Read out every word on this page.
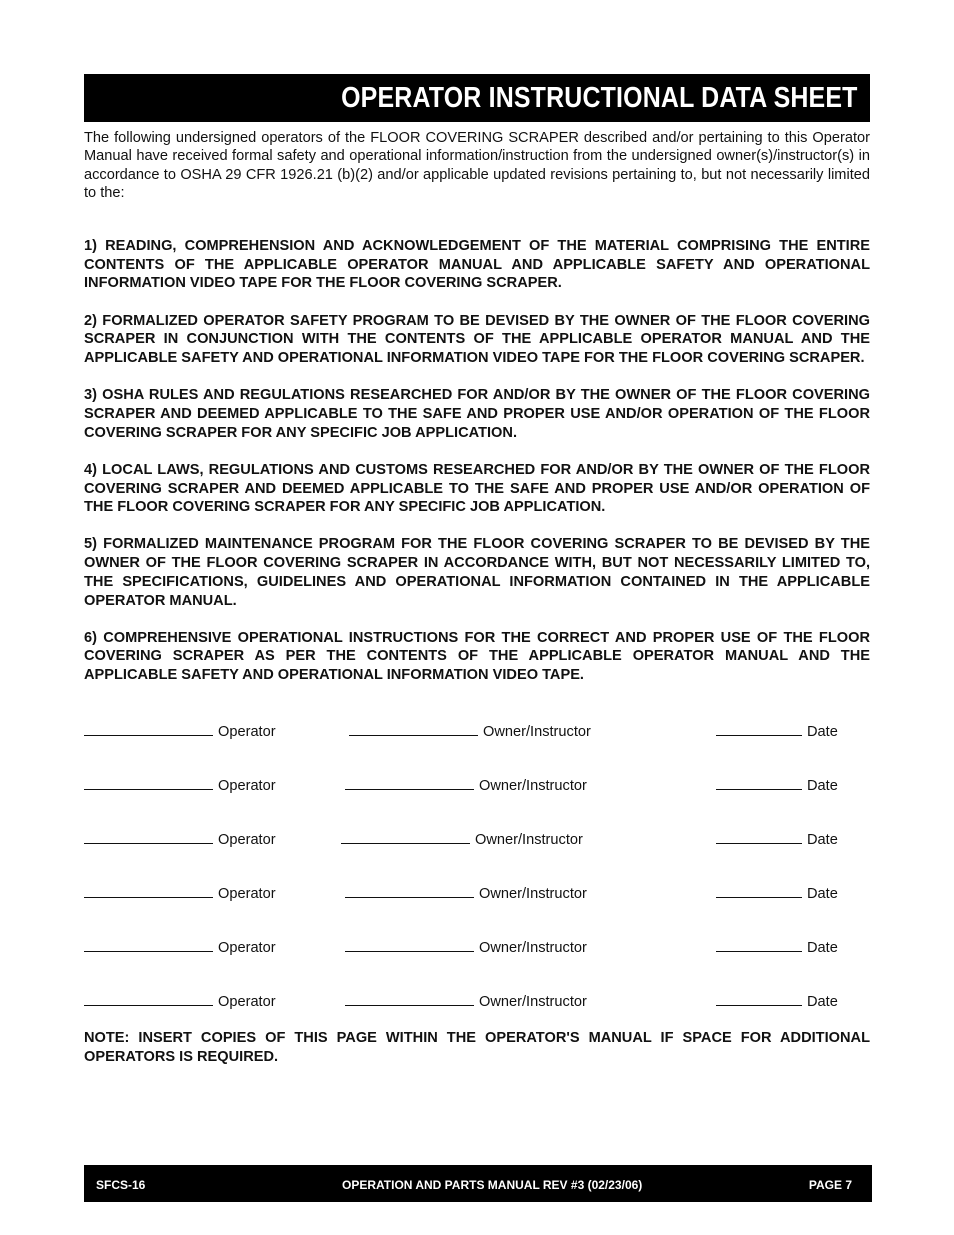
OPERATOR INSTRUCTIONAL DATA SHEET
The following undersigned operators of the FLOOR COVERING SCRAPER described and/or pertaining to this Operator Manual have received formal safety and operational information/instruction from the undersigned owner(s)/instructor(s) in accordance to OSHA 29 CFR 1926.21 (b)(2) and/or applicable updated revisions pertaining to, but not necessarily limited to the:

1) READING, COMPREHENSION AND ACKNOWLEDGEMENT OF THE MATERIAL COMPRISING THE ENTIRE CONTENTS OF THE APPLICABLE OPERATOR MANUAL AND APPLICABLE SAFETY AND OPERATIONAL INFORMATION VIDEO TAPE FOR THE FLOOR COVERING SCRAPER.

2) FORMALIZED OPERATOR SAFETY PROGRAM TO BE DEVISED BY THE OWNER OF THE FLOOR COVERING SCRAPER IN CONJUNCTION WITH THE CONTENTS OF THE APPLICABLE OPERATOR MANUAL AND THE APPLICABLE SAFETY AND OPERATIONAL INFORMATION VIDEO TAPE FOR THE FLOOR COVERING SCRAPER.

3) OSHA RULES AND REGULATIONS RESEARCHED FOR AND/OR BY THE OWNER OF THE FLOOR COVERING SCRAPER AND DEEMED APPLICABLE TO THE SAFE AND PROPER USE AND/OR OPERATION OF THE FLOOR COVERING SCRAPER FOR ANY SPECIFIC JOB APPLICATION.

4) LOCAL LAWS, REGULATIONS AND CUSTOMS RESEARCHED FOR AND/OR BY THE OWNER OF THE FLOOR COVERING SCRAPER AND DEEMED APPLICABLE TO THE SAFE AND PROPER USE AND/OR OPERATION OF THE FLOOR COVERING SCRAPER FOR ANY SPECIFIC JOB APPLICATION.

5) FORMALIZED MAINTENANCE PROGRAM FOR THE FLOOR COVERING SCRAPER TO BE DEVISED BY THE OWNER OF THE FLOOR COVERING SCRAPER IN ACCORDANCE WITH, BUT NOT NECESSARILY LIMITED TO, THE SPECIFICATIONS, GUIDELINES AND OPERATIONAL INFORMATION CONTAINED IN THE APPLICABLE OPERATOR MANUAL.

6) COMPREHENSIVE OPERATIONAL INSTRUCTIONS FOR THE CORRECT AND PROPER USE OF THE FLOOR COVERING SCRAPER AS PER THE CONTENTS OF THE APPLICABLE OPERATOR MANUAL AND THE APPLICABLE SAFETY AND OPERATIONAL INFORMATION VIDEO TAPE.

Operator	Owner/Instructor	Date
Operator	Owner/Instructor	Date
Operator	Owner/Instructor	Date
Operator	Owner/Instructor	Date
Operator	Owner/Instructor	Date
Operator	Owner/Instructor	Date
NOTE: INSERT COPIES OF THIS PAGE WITHIN THE OPERATOR'S MANUAL IF SPACE FOR ADDITIONAL OPERATORS IS REQUIRED.
SFCS-16	OPERATION AND PARTS MANUAL REV #3 (02/23/06)	PAGE 7
